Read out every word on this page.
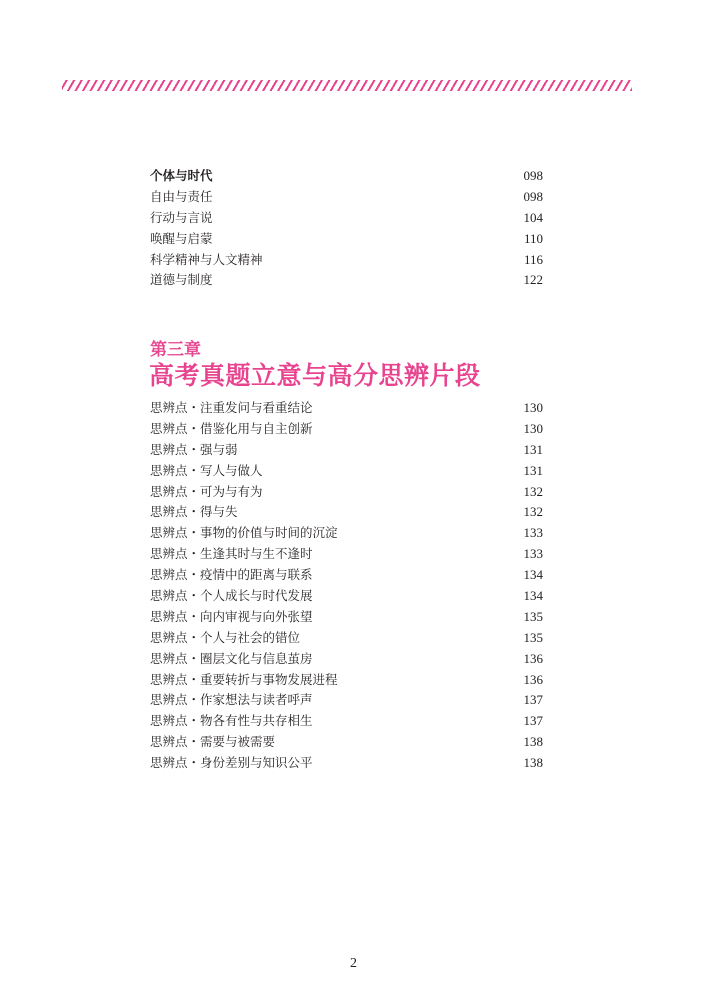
个体与时代	098
自由与责任	098
行动与言说	104
唤醒与启蒙	110
科学精神与人文精神	116
道德与制度	122
第三章
高考真题立意与高分思辨片段
思辨点・注重发问与看重结论	130
思辨点・借鉴化用与自主创新	130
思辨点・强与弱	131
思辨点・写人与做人	131
思辨点・可为与有为	132
思辨点・得与失	132
思辨点・事物的价值与时间的沉淀	133
思辨点・生逢其时与生不逢时	133
思辨点・疫情中的距离与联系	134
思辨点・个人成长与时代发展	134
思辨点・向内审视与向外张望	135
思辨点・个人与社会的错位	135
思辨点・圈层文化与信息茧房	136
思辨点・重要转折与事物发展进程	136
思辨点・作家想法与读者呼声	137
思辨点・物各有性与共存相生	137
思辨点・需要与被需要	138
思辨点・身份差别与知识公平	138
2
